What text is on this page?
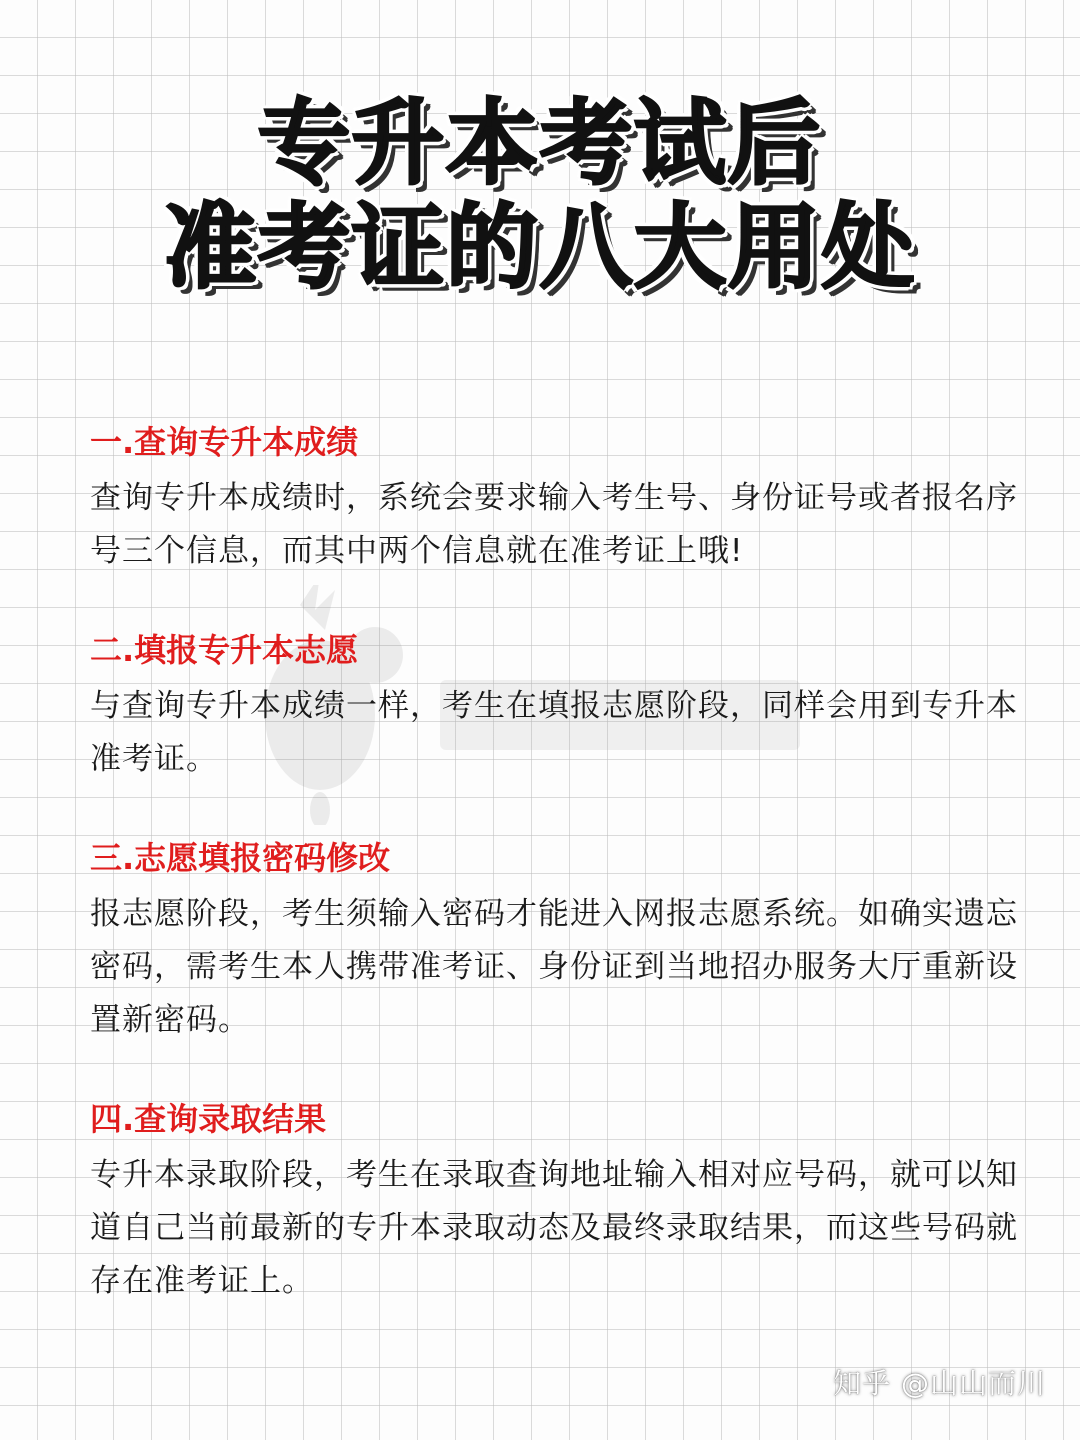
专升本考试后
准考证的八大用处

一.查询专升本成绩

查询专升本成绩时，系统会要求输入考生号、身份证号或者报名序号三个信息，而其中两个信息就在准考证上哦!

二.填报专升本志愿

与查询专升本成绩一样，考生在填报志愿阶段，同样会用到专升本准考证。

三.志愿填报密码修改

报志愿阶段，考生须输入密码才能进入网报志愿系统。如确实遗忘密码，需考生本人携带准考证、身份证到当地招办服务大厅重新设置新密码。

四.查询录取结果

专升本录取阶段，考生在录取查询地址输入相对应号码，就可以知道自己当前最新的专升本录取动态及最终录取结果，而这些号码就存在准考证上。

知乎 @山山而川
